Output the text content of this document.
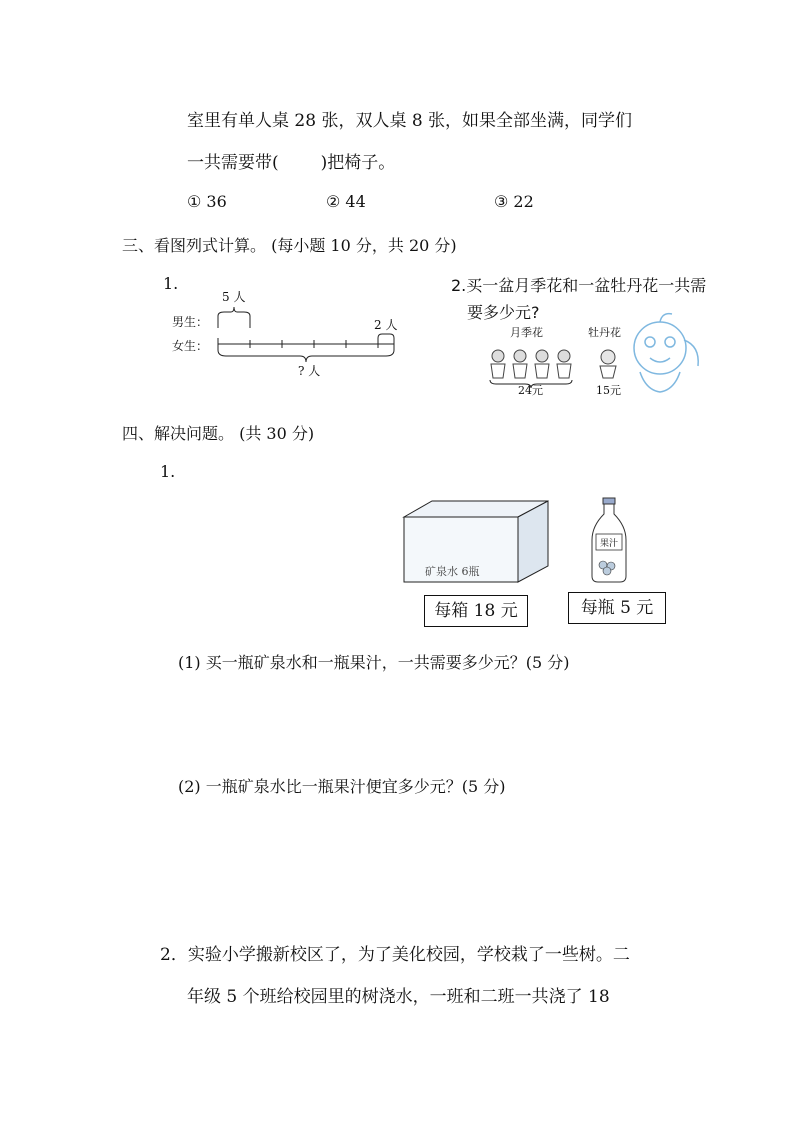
室里有单人桌 28 张，双人桌 8 张，如果全部坐满，同学们
一共需要带( )把椅子。
① 36	② 44	③ 22
三、看图列式计算。 (每小题 10 分，共 20 分)
1.
5 人
2 人
男生：
女生：
? 人
2.买一盆月季花和一盆牡丹花一共需
要多少元?
月季花	牡丹花
24元	15元
四、解决问题。 (共 30 分)
1.
矿泉水 6瓶
果汁
每箱 18 元	每瓶 5 元
(1) 买一瓶矿泉水和一瓶果汁，一共需要多少元？(5 分)
(2) 一瓶矿泉水比一瓶果汁便宜多少元？(5 分)
2．实验小学搬新校区了，为了美化校园，学校栽了一些树。二
年级 5 个班给校园里的树浇水，一班和二班一共浇了 18
